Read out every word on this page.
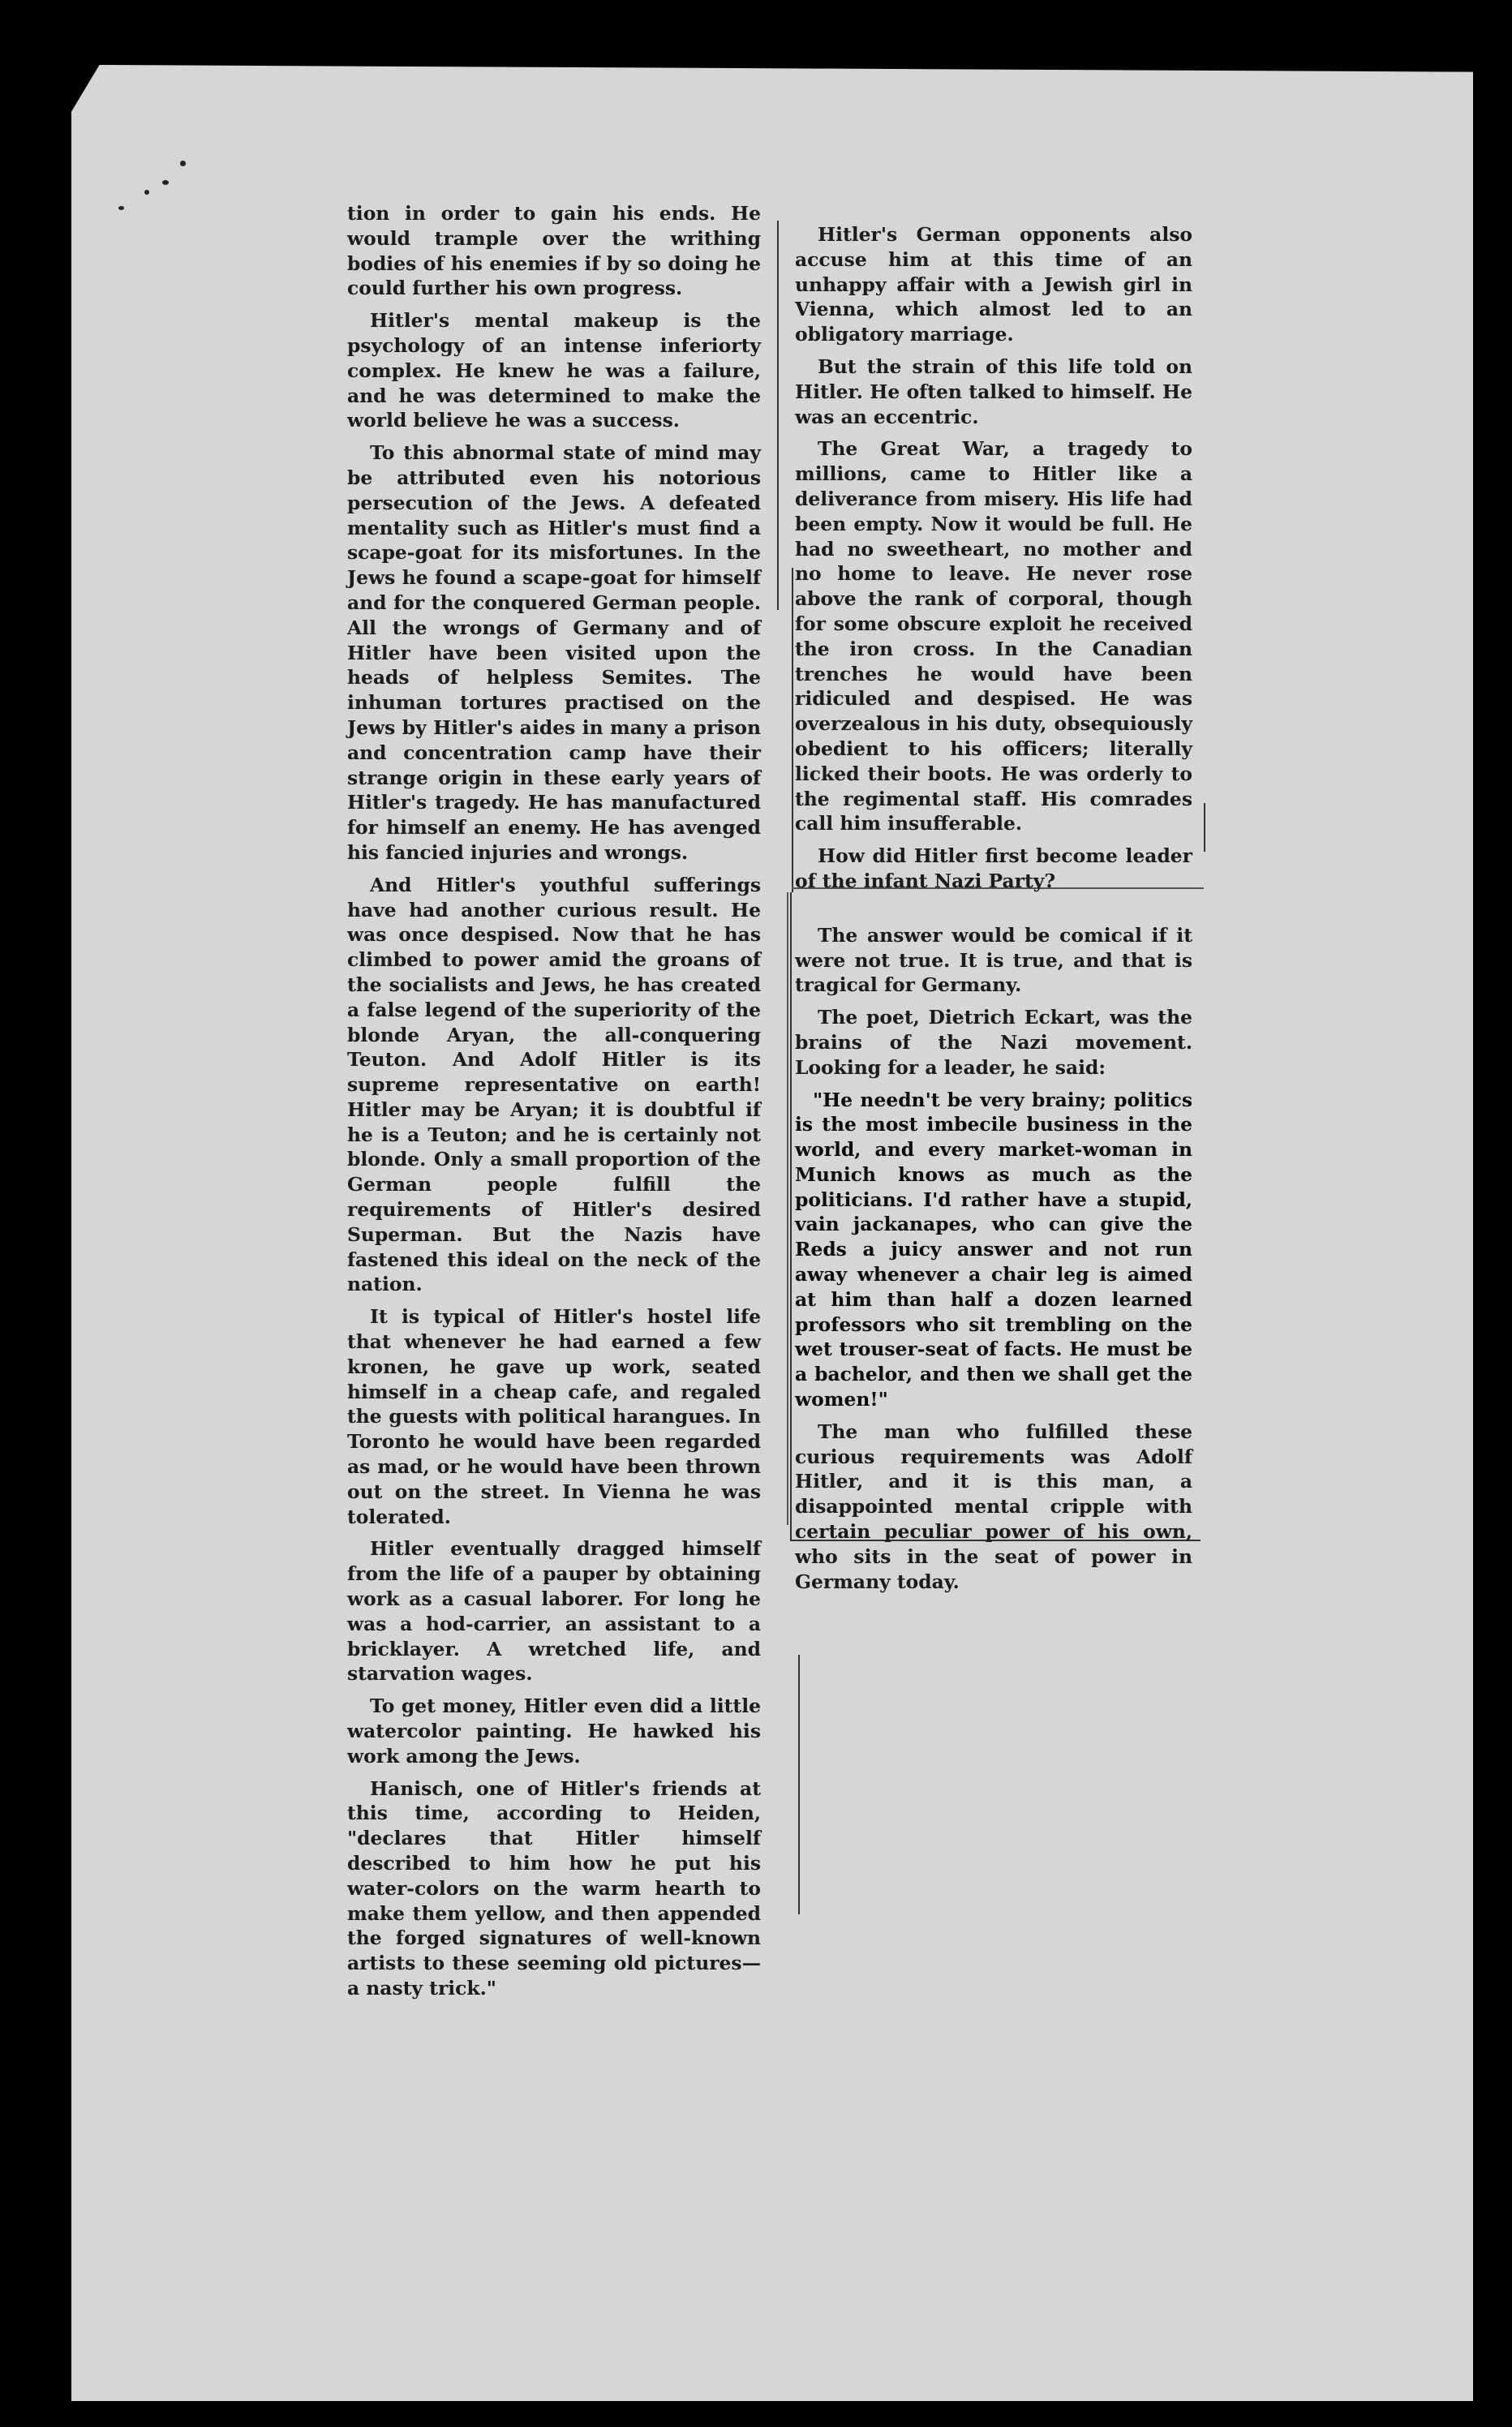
tion in order to gain his ends. He would trample over the writhing bodies of his enemies if by so doing he could further his own progress.

Hitler's mental makeup is the psychology of an intense inferiorty complex. He knew he was a failure, and he was determined to make the world believe he was a success.

To this abnormal state of mind may be attributed even his notorious persecution of the Jews. A defeated mentality such as Hitler's must find a scape-goat for its misfortunes. In the Jews he found a scape-goat for himself and for the conquered German people. All the wrongs of Germany and of Hitler have been visited upon the heads of helpless Semites. The inhuman tortures practised on the Jews by Hitler's aides in many a prison and concentration camp have their strange origin in these early years of Hitler's tragedy. He has manufactured for himself an enemy. He has avenged his fancied injuries and wrongs.

And Hitler's youthful sufferings have had another curious result. He was once despised. Now that he has climbed to power amid the groans of the socialists and Jews, he has created a false legend of the superiority of the blonde Aryan, the all-conquering Teuton. And Adolf Hitler is its supreme representative on earth! Hitler may be Aryan; it is doubtful if he is a Teuton; and he is certainly not blonde. Only a small proportion of the German people fulfill the requirements of Hitler's desired Superman. But the Nazis have fastened this ideal on the neck of the nation.

It is typical of Hitler's hostel life that whenever he had earned a few kronen, he gave up work, seated himself in a cheap cafe, and regaled the guests with political harangues. In Toronto he would have been regarded as mad, or he would have been thrown out on the street. In Vienna he was tolerated.

Hitler eventually dragged himself from the life of a pauper by obtaining work as a casual laborer. For long he was a hod-carrier, an assistant to a bricklayer. A wretched life, and starvation wages.

To get money, Hitler even did a little watercolor painting. He hawked his work among the Jews.

Hanisch, one of Hitler's friends at this time, according to Heiden, "declares that Hitler himself described to him how he put his water-colors on the warm hearth to make them yellow, and then appended the forged signatures of well-known artists to these seeming old pictures—a nasty trick."

Hitler's German opponents also accuse him at this time of an unhappy affair with a Jewish girl in Vienna, which almost led to an obligatory marriage.

But the strain of this life told on Hitler. He often talked to himself. He was an eccentric.

The Great War, a tragedy to millions, came to Hitler like a deliverance from misery. His life had been empty. Now it would be full. He had no sweetheart, no mother and no home to leave. He never rose above the rank of corporal, though for some obscure exploit he received the iron cross. In the Canadian trenches he would have been ridiculed and despised. He was overzealous in his duty, obsequiously obedient to his officers; literally licked their boots. He was orderly to the regimental staff. His comrades call him insufferable.

How did Hitler first become leader of the infant Nazi Party?

The answer would be comical if it were not true. It is true, and that is tragical for Germany.

The poet, Dietrich Eckart, was the brains of the Nazi movement. Looking for a leader, he said:

"He needn't be very brainy; politics is the most imbecile business in the world, and every market-woman in Munich knows as much as the politicians. I'd rather have a stupid, vain jackanapes, who can give the Reds a juicy answer and not run away whenever a chair leg is aimed at him than half a dozen learned professors who sit trembling on the wet trouser-seat of facts. He must be a bachelor, and then we shall get the women!"

The man who fulfilled these curious requirements was Adolf Hitler, and it is this man, a disappointed mental cripple with certain peculiar power of his own, who sits in the seat of power in Germany today.
